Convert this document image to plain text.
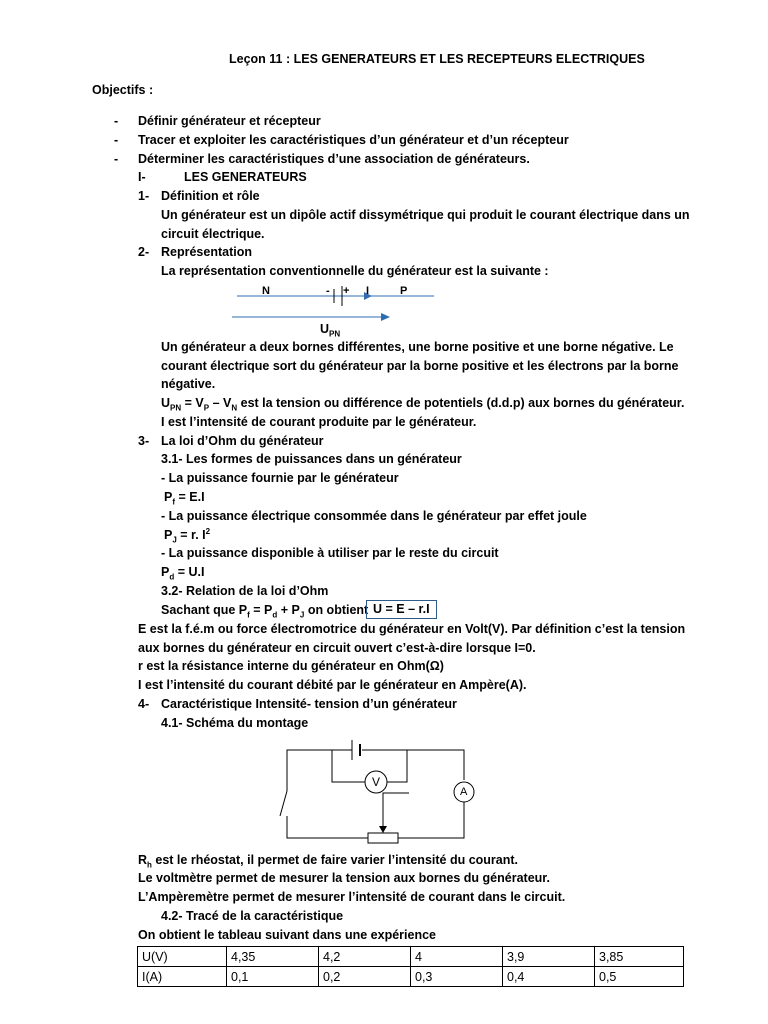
Leçon 11 : LES GENERATEURS ET LES RECEPTEURS ELECTRIQUES
Objectifs :
- Définir générateur et récepteur
- Tracer et exploiter les caractéristiques d’un générateur et d’un récepteur
- Déterminer les caractéristiques d’une association de générateurs.
I-	LES GENERATEURS
1- Définition et rôle
Un générateur est un dipôle actif dissymétrique qui produit le courant électrique dans un
circuit électrique.
2- Représentation
La représentation conventionnelle du générateur est la suivante :
N	- + I	P
$U_{PN}$
Un générateur a deux bornes différentes, une borne positive et une borne négative. Le
courant électrique sort du générateur par la borne positive et les électrons par la borne
négative.
$U_{PN} = V_P - V_N$ est la tension ou différence de potentiels (d.d.p) aux bornes du générateur.
I est l’intensité de courant produite par le générateur.
3- La loi d’Ohm du générateur
3.1- Les formes de puissances dans un générateur
- La puissance fournie par le générateur
$P_f = E.I$
- La puissance électrique consommée dans le générateur par effet joule
$P_J = r$. $I^2$
- La puissance disponible à utiliser par le reste du circuit
$P_d = U.I$
3.2- Relation de la loi d’Ohm
Sachant que $P_f = P_d + P_J$ on obtient U = E – r.I
E est la f.é.m ou force électromotrice du générateur en Volt(V). Par définition c’est la tension
aux bornes du générateur en circuit ouvert c’est-à-dire lorsque I=0.
r est la résistance interne du générateur en Ohm(Ω)
I est l’intensité du courant débité par le générateur en Ampère(A).
4- Caractéristique Intensité- tension d’un générateur
4.1- Schéma du montage
V
A
$R_h$ est le rhéostat, il permet de faire varier l’intensité du courant.
Le voltmètre permet de mesurer la tension aux bornes du générateur.
L’Ampèremètre permet de mesurer l’intensité de courant dans le circuit.
4.2- Tracé de la caractéristique
On obtient le tableau suivant dans une expérience
U(V)	4,35	4,2	4	3,9	3,85
I(A)	0,1	0,2	0,3	0,4	0,5
